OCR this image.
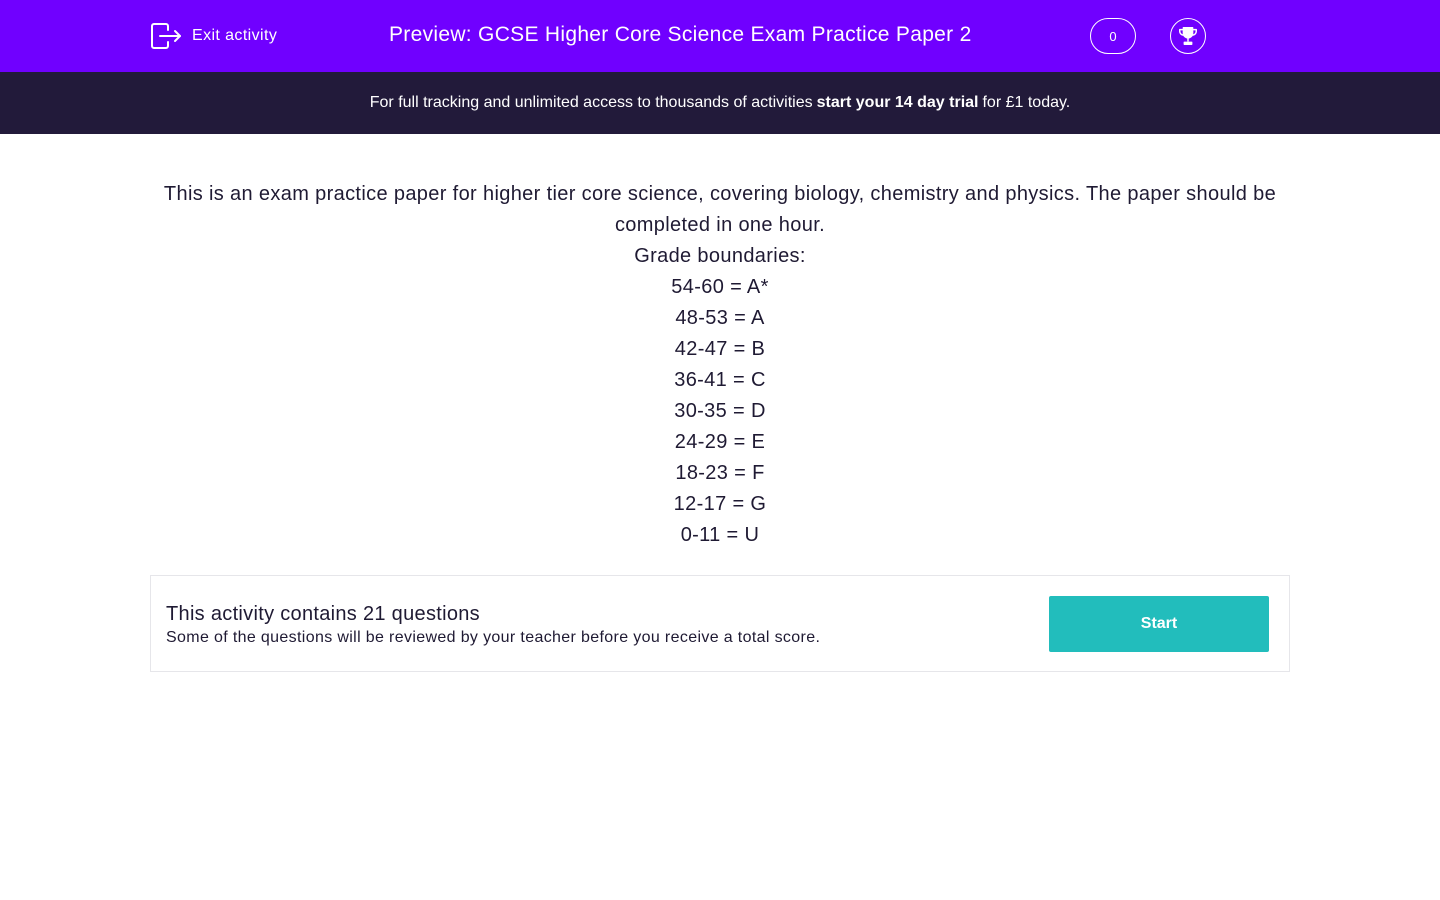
Exit activity	Preview: GCSE Higher Core Science Exam Practice Paper 2	0
For full tracking and unlimited access to thousands of activities start your 14 day trial for £1 today.

This is an exam practice paper for higher tier core science, covering biology, chemistry and physics. The paper should be completed in one hour.

Grade boundaries:

54-60 = A*

48-53 = A

42-47 = B

36-41 = C

30-35 = D

24-29 = E

18-23 = F

12-17 = G

0-11 = U

This activity contains 21 questions
Some of the questions will be reviewed by your teacher before you receive a total score.
Start
